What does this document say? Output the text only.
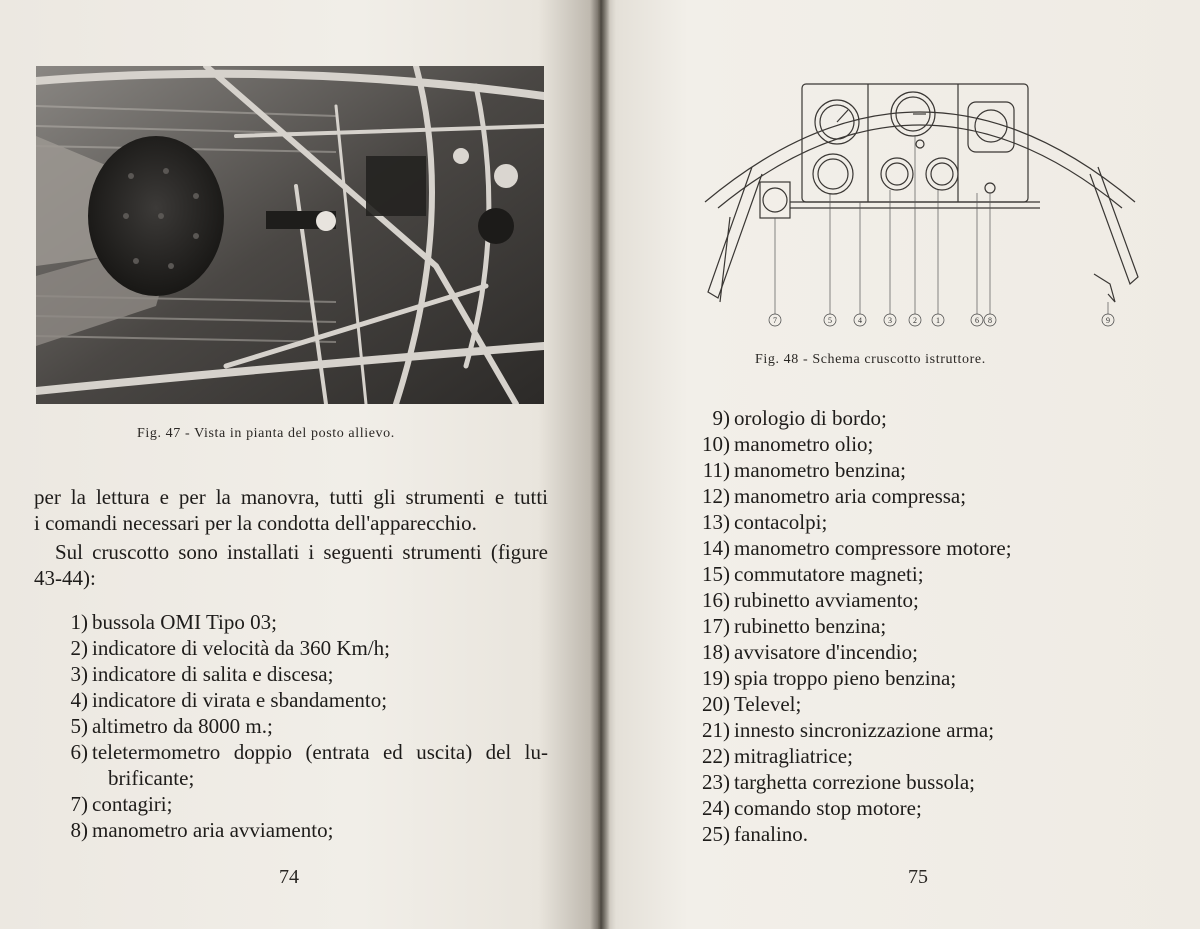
Fig. 47 - Vista in pianta del posto allievo.
per la lettura e per la manovra, tutti gli strumenti e tutti
i comandi necessari per la condotta dell'apparecchio.
Sul cruscotto sono installati i seguenti strumenti (figure
43-44):
1) bussola OMI Tipo 03;
2) indicatore di velocità da 360 Km/h;
3) indicatore di salita e discesa;
4) indicatore di virata e sbandamento;
5) altimetro da 8000 m.;
6) teletermometro doppio (entrata ed uscita) del lu-
brificante;
7) contagiri;
8) manometro aria avviamento;
74
7	5	4	3	2 1	6 8	9
Fig. 48 - Schema cruscotto istruttore.
9) orologio di bordo;
10) manometro olio;
11) manometro benzina;
12) manometro aria compressa;
13) contacolpi;
14) manometro compressore motore;
15) commutatore magneti;
16) rubinetto avviamento;
17) rubinetto benzina;
18) avvisatore d'incendio;
19) spia troppo pieno benzina;
20) Televel;
21) innesto sincronizzazione arma;
22) mitragliatrice;
23) targhetta correzione bussola;
24) comando stop motore;
25) fanalino.
75
